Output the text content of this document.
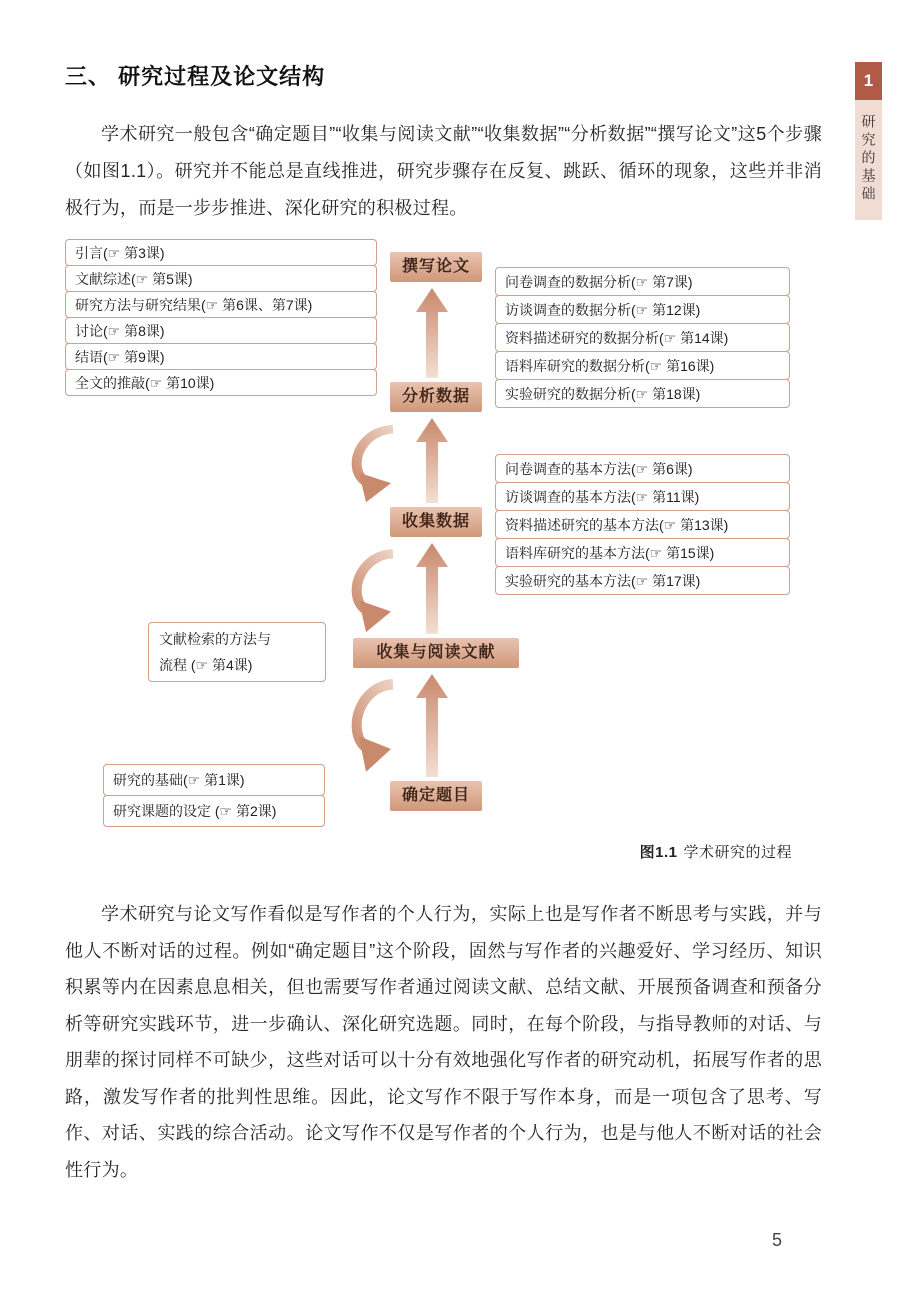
1
研究的基础
三、 研究过程及论文结构

学术研究一般包含“确定题目”“收集与阅读文献”“收集数据”“分析数据”“撰写论文”这5个步骤（如图1.1）。研究并不能总是直线推进，研究步骤存在反复、跳跃、循环的现象，这些并非消极行为，而是一步步推进、深化研究的积极过程。

引言(☞ 第3课)
文献综述(☞ 第5课)
研究方法与研究结果(☞ 第6课、第7课)
讨论(☞ 第8课)
结语(☞ 第9课)
全文的推敲(☞ 第10课)
问卷调查的数据分析(☞ 第7课)
访谈调查的数据分析(☞ 第12课)
资料描述研究的数据分析(☞ 第14课)
语料库研究的数据分析(☞ 第16课)
实验研究的数据分析(☞ 第18课)
问卷调查的基本方法(☞ 第6课)
访谈调查的基本方法(☞ 第11课)
资料描述研究的基本方法(☞ 第13课)
语料库研究的基本方法(☞ 第15课)
实验研究的基本方法(☞ 第17课)
文献检索的方法与
流程 (☞ 第4课)
研究的基础(☞ 第1课)
研究课题的设定 (☞ 第2课)
撰写论文
分析数据
收集数据
收集与阅读文献
确定题目
图1.1 学术研究的过程

学术研究与论文写作看似是写作者的个人行为，实际上也是写作者不断思考与实践，并与他人不断对话的过程。例如“确定题目”这个阶段，固然与写作者的兴趣爱好、学习经历、知识积累等内在因素息息相关，但也需要写作者通过阅读文献、总结文献、开展预备调查和预备分析等研究实践环节，进一步确认、深化研究选题。同时，在每个阶段，与指导教师的对话、与朋辈的探讨同样不可缺少，这些对话可以十分有效地强化写作者的研究动机，拓展写作者的思路，激发写作者的批判性思维。因此，论文写作不限于写作本身，而是一项包含了思考、写作、对话、实践的综合活动。论文写作不仅是写作者的个人行为，也是与他人不断对话的社会性行为。

5
